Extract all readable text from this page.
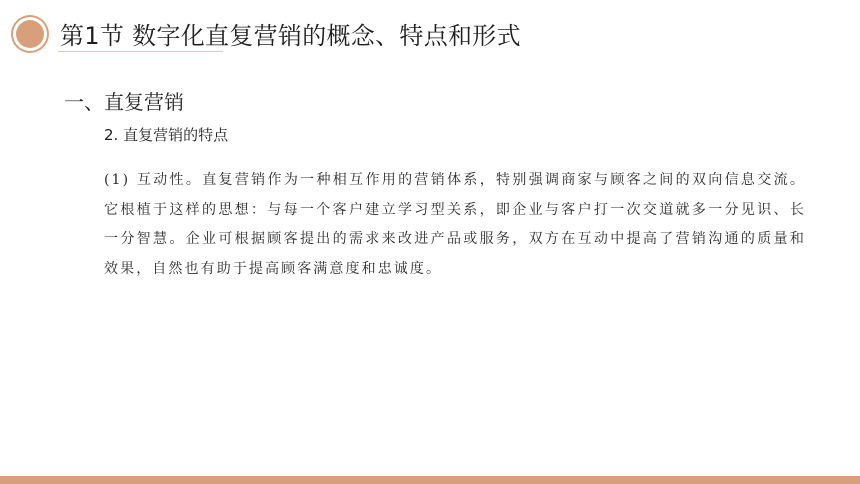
第1节 数字化直复营销的概念、特点和形式
一、直复营销
2. 直复营销的特点
(1) 互动性。直复营销作为一种相互作用的营销体系，特别强调商家与顾客之间的双向信息交流。它根植于这样的思想：与每一个客户建立学习型关系，即企业与客户打一次交道就多一分见识、长一分智慧。企业可根据顾客提出的需求来改进产品或服务，双方在互动中提高了营销沟通的质量和效果，自然也有助于提高顾客满意度和忠诚度。
